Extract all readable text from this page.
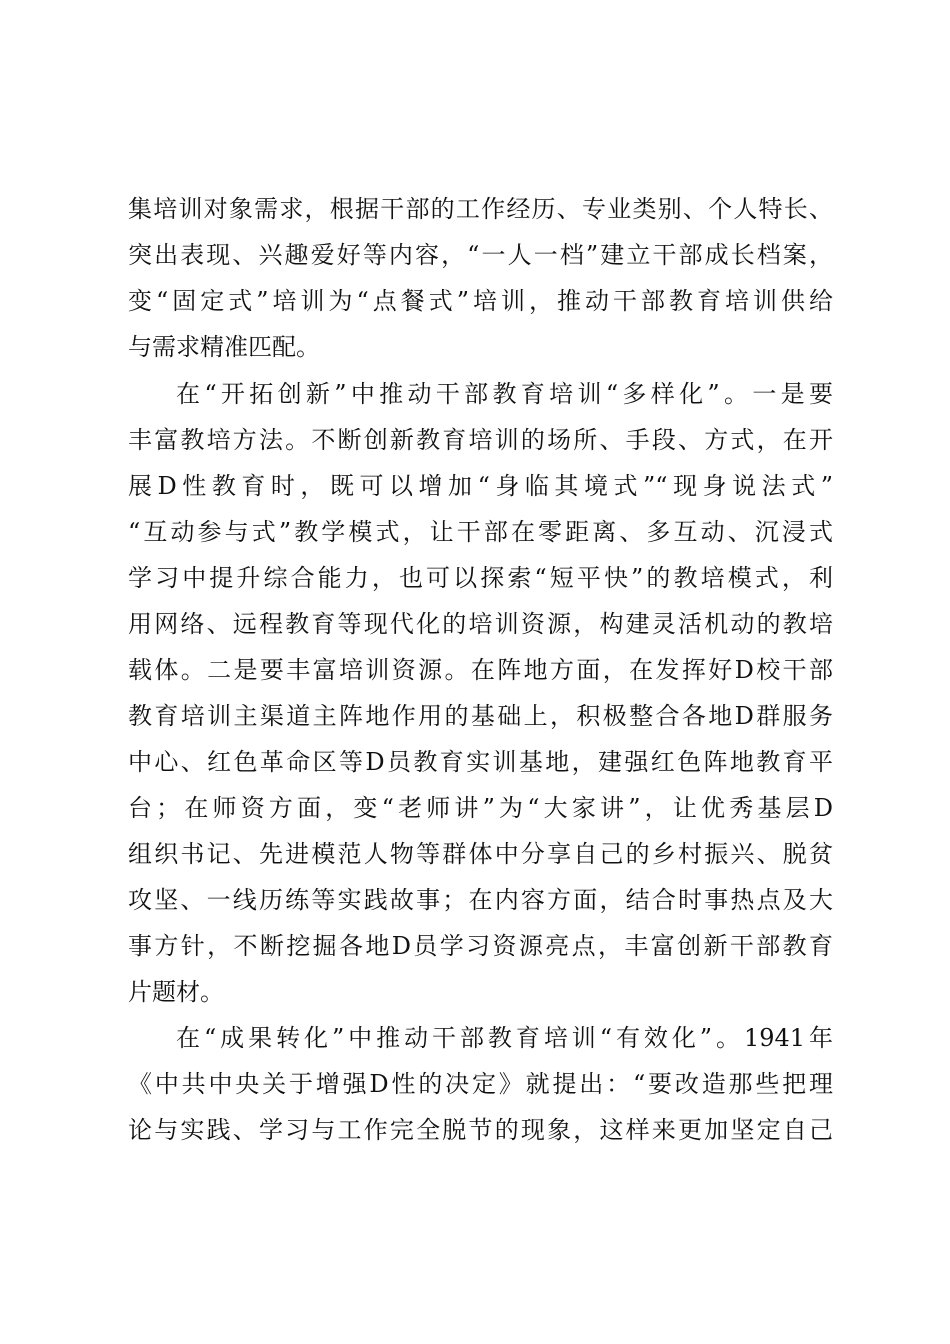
集培训对象需求，根据干部的工作经历、专业类别、个人特长、
突出表现、兴趣爱好等内容，“一人一档”建立干部成长档案，
变“固定式”培训为“点餐式”培训，推动干部教育培训供给
与需求精准匹配。
在“开拓创新”中推动干部教育培训“多样化”。一是要
丰富教培方法。不断创新教育培训的场所、手段、方式，在开
展D性教育时，既可以增加“身临其境式”“现身说法式”
“互动参与式”教学模式，让干部在零距离、多互动、沉浸式
学习中提升综合能力，也可以探索“短平快”的教培模式，利
用网络、远程教育等现代化的培训资源，构建灵活机动的教培
载体。二是要丰富培训资源。在阵地方面，在发挥好D校干部
教育培训主渠道主阵地作用的基础上，积极整合各地D群服务
中心、红色革命区等D员教育实训基地，建强红色阵地教育平
台；在师资方面，变“老师讲”为“大家讲”，让优秀基层D
组织书记、先进模范人物等群体中分享自己的乡村振兴、脱贫
攻坚、一线历练等实践故事；在内容方面，结合时事热点及大
事方针，不断挖掘各地D员学习资源亮点，丰富创新干部教育
片题材。
在“成果转化”中推动干部教育培训“有效化”。1941年
《中共中央关于增强D性的决定》就提出：“要改造那些把理
论与实践、学习与工作完全脱节的现象，这样来更加坚定自己
